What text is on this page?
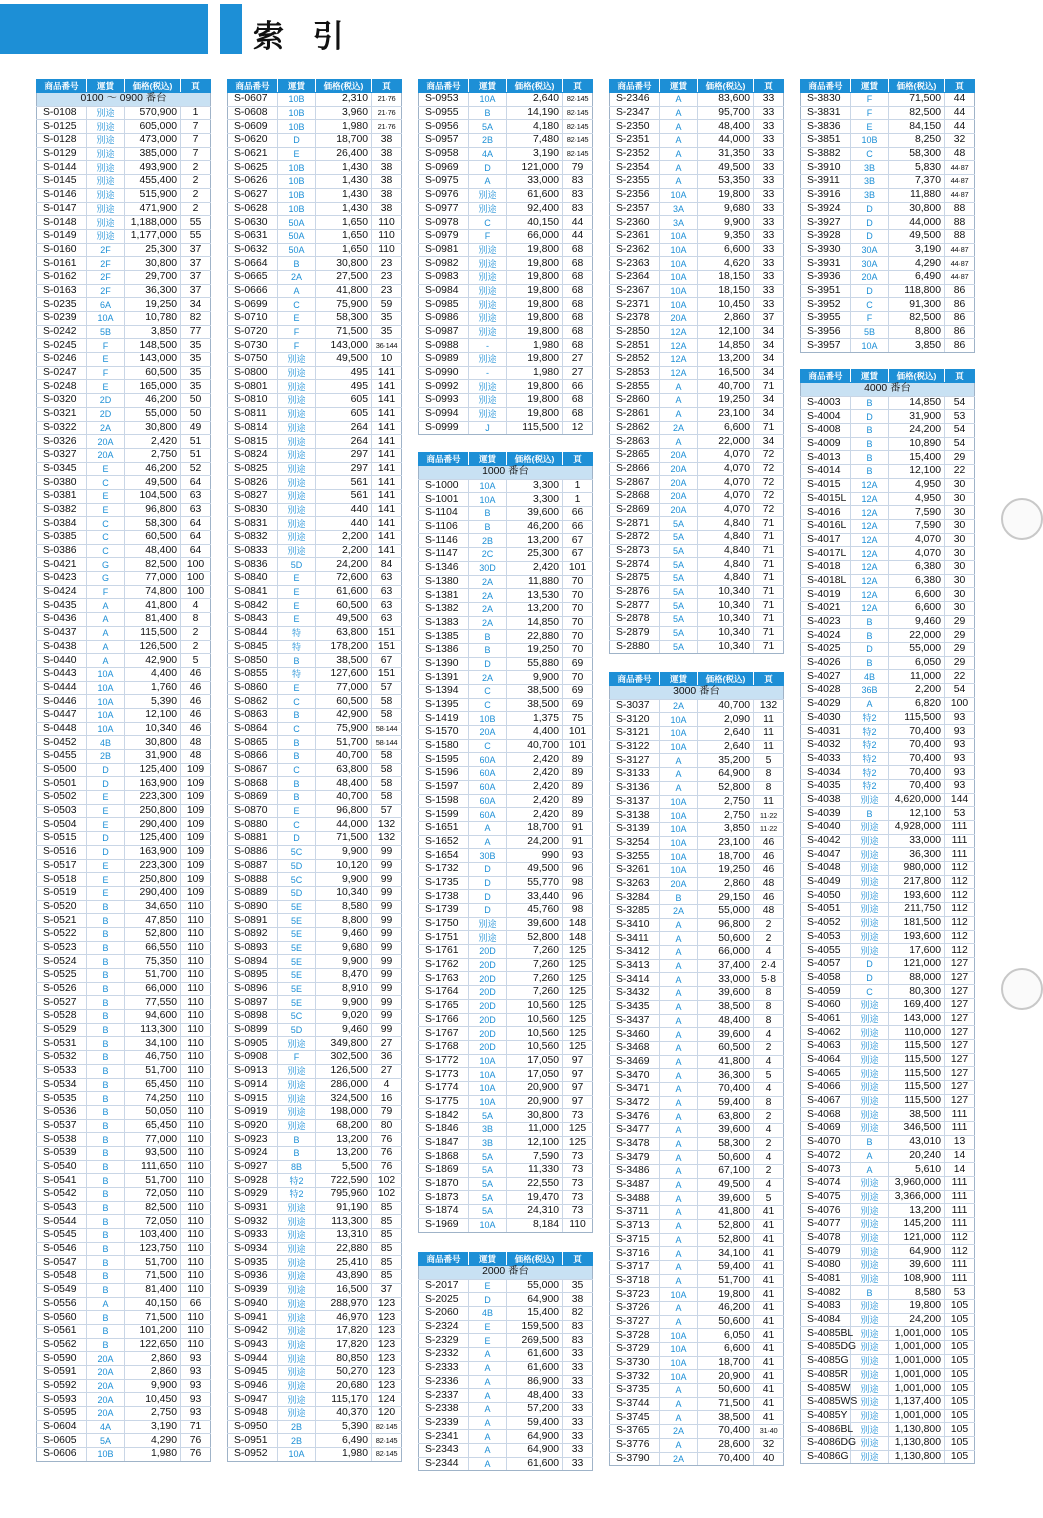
索 引
商品番号	運賃	価格(税込)	頁
0100 ～ 0900 番台			
S-0108	別途	570,900	1
S-0125	別途	605,000	7
S-0128	別途	473,000	7
S-0129	別途	385,000	7
S-0144	別途	493,900	2
S-0145	別途	455,400	2
S-0146	別途	515,900	2
S-0147	別途	471,900	2
S-0148	別途	1,188,000	55
S-0149	別途	1,177,000	55
S-0160	2F	25,300	37
S-0161	2F	30,800	37
S-0162	2F	29,700	37
S-0163	2F	36,300	37
S-0235	6A	19,250	34
S-0239	10A	10,780	82
S-0242	5B	3,850	77
S-0245	F	148,500	35
S-0246	E	143,000	35
S-0247	F	60,500	35
S-0248	E	165,000	35
S-0320	2D	46,200	50
S-0321	2D	55,000	50
S-0322	2A	30,800	49
S-0326	20A	2,420	51
S-0327	20A	2,750	51
S-0345	E	46,200	52
S-0380	C	49,500	64
S-0381	E	104,500	63
S-0382	E	96,800	63
S-0384	C	58,300	64
S-0385	C	60,500	64
S-0386	C	48,400	64
S-0421	G	82,500	100
S-0423	G	77,000	100
S-0424	F	74,800	100
S-0435	A	41,800	4
S-0436	A	81,400	8
S-0437	A	115,500	2
S-0438	A	126,500	2
S-0440	A	42,900	5
S-0443	10A	4,400	46
S-0444	10A	1,760	46
S-0446	10A	5,390	46
S-0447	10A	12,100	46
S-0448	10A	10,340	46
S-0452	4B	30,800	48
S-0455	2B	31,900	48
S-0500	D	125,400	109
S-0501	D	163,900	109
S-0502	E	223,300	109
S-0503	E	250,800	109
S-0504	E	290,400	109
S-0515	D	125,400	109
S-0516	D	163,900	109
S-0517	E	223,300	109
S-0518	E	250,800	109
S-0519	E	290,400	109
S-0520	B	34,650	110
S-0521	B	47,850	110
S-0522	B	52,800	110
S-0523	B	66,550	110
S-0524	B	75,350	110
S-0525	B	51,700	110
S-0526	B	66,000	110
S-0527	B	77,550	110
S-0528	B	94,600	110
S-0529	B	113,300	110
S-0531	B	34,100	110
S-0532	B	46,750	110
S-0533	B	51,700	110
S-0534	B	65,450	110
S-0535	B	74,250	110
S-0536	B	50,050	110
S-0537	B	65,450	110
S-0538	B	77,000	110
S-0539	B	93,500	110
S-0540	B	111,650	110
S-0541	B	51,700	110
S-0542	B	72,050	110
S-0543	B	82,500	110
S-0544	B	72,050	110
S-0545	B	103,400	110
S-0546	B	123,750	110
S-0547	B	51,700	110
S-0548	B	71,500	110
S-0549	B	81,400	110
S-0556	A	40,150	66
S-0560	B	71,500	110
S-0561	B	101,200	110
S-0562	B	122,650	110
S-0590	20A	2,860	93
S-0591	20A	2,860	93
S-0592	20A	9,900	93
S-0593	20A	10,450	93
S-0595	20A	2,750	93
S-0604	4A	3,190	71
S-0605	5A	4,290	76
S-0606	10B	1,980	76
商品番号	運賃	価格(税込)	頁
S-0607	10B	2,310	21·76
S-0608	10B	3,960	21·76
S-0609	10B	1,980	21·76
S-0620	D	18,700	38
S-0621	E	26,400	38
S-0625	10B	1,430	38
S-0626	10B	1,430	38
S-0627	10B	1,430	38
S-0628	10B	1,430	38
S-0630	50A	1,650	110
S-0631	50A	1,650	110
S-0632	50A	1,650	110
S-0664	B	30,800	23
S-0665	2A	27,500	23
S-0666	A	41,800	23
S-0699	C	75,900	59
S-0710	E	58,300	35
S-0720	F	71,500	35
S-0730	F	143,000	36·144
S-0750	別途	49,500	10
S-0800	別途	495	141
S-0801	別途	495	141
S-0810	別途	605	141
S-0811	別途	605	141
S-0814	別途	264	141
S-0815	別途	264	141
S-0824	別途	297	141
S-0825	別途	297	141
S-0826	別途	561	141
S-0827	別途	561	141
S-0830	別途	440	141
S-0831	別途	440	141
S-0832	別途	2,200	141
S-0833	別途	2,200	141
S-0836	5D	24,200	84
S-0840	E	72,600	63
S-0841	E	61,600	63
S-0842	E	60,500	63
S-0843	E	49,500	63
S-0844	特	63,800	151
S-0845	特	178,200	151
S-0850	B	38,500	67
S-0855	特	127,600	151
S-0860	E	77,000	57
S-0862	C	60,500	58
S-0863	B	42,900	58
S-0864	C	75,900	58·144
S-0865	B	51,700	58·144
S-0866	B	40,700	58
S-0867	C	63,800	58
S-0868	B	48,400	58
S-0869	B	40,700	58
S-0870	E	96,800	57
S-0880	C	44,000	132
S-0881	D	71,500	132
S-0886	5C	9,900	99
S-0887	5D	10,120	99
S-0888	5C	9,900	99
S-0889	5D	10,340	99
S-0890	5E	8,580	99
S-0891	5E	8,800	99
S-0892	5E	9,460	99
S-0893	5E	9,680	99
S-0894	5E	9,900	99
S-0895	5E	8,470	99
S-0896	5E	8,910	99
S-0897	5E	9,900	99
S-0898	5C	9,020	99
S-0899	5D	9,460	99
S-0905	別途	349,800	27
S-0908	F	302,500	36
S-0913	別途	126,500	27
S-0914	別途	286,000	4
S-0915	別途	324,500	16
S-0919	別途	198,000	79
S-0920	別途	68,200	80
S-0923	B	13,200	76
S-0924	B	13,200	76
S-0927	8B	5,500	76
S-0928	特2	722,590	102
S-0929	特2	795,960	102
S-0931	別途	91,190	85
S-0932	別途	113,300	85
S-0933	別途	13,310	85
S-0934	別途	22,880	85
S-0935	別途	25,410	85
S-0936	別途	43,890	85
S-0939	別途	16,500	37
S-0940	別途	288,970	123
S-0941	別途	46,970	123
S-0942	別途	17,820	123
S-0943	別途	17,820	123
S-0944	別途	80,850	123
S-0945	別途	50,270	123
S-0946	別途	20,680	123
S-0947	別途	115,170	124
S-0948	別途	40,370	120
S-0950	2B	5,390	82·145
S-0951	2B	6,490	82·145
S-0952	10A	1,980	82·145
商品番号	運賃	価格(税込)	頁
S-0953	10A	2,640	82·145
S-0955	B	14,190	82·145
S-0956	5A	4,180	82·145
S-0957	2B	7,480	82·145
S-0958	4A	3,190	82·145
S-0969	D	121,000	79
S-0975	A	33,000	83
S-0976	別途	61,600	83
S-0977	別途	92,400	83
S-0978	C	40,150	44
S-0979	F	66,000	44
S-0981	別途	19,800	68
S-0982	別途	19,800	68
S-0983	別途	19,800	68
S-0984	別途	19,800	68
S-0985	別途	19,800	68
S-0986	別途	19,800	68
S-0987	別途	19,800	68
S-0988	-	1,980	68
S-0989	別途	19,800	27
S-0990	-	1,980	27
S-0992	別途	19,800	66
S-0993	別途	19,800	68
S-0994	別途	19,800	68
S-0999	J	115,500	12
商品番号	運賃	価格(税込)	頁
1000 番台			
S-1000	10A	3,300	1
S-1001	10A	3,300	1
S-1104	B	39,600	66
S-1106	B	46,200	66
S-1146	2B	13,200	67
S-1147	2C	25,300	67
S-1346	30D	2,420	101
S-1380	2A	11,880	70
S-1381	2A	13,530	70
S-1382	2A	13,200	70
S-1383	2A	14,850	70
S-1385	B	22,880	70
S-1386	B	19,250	70
S-1390	D	55,880	69
S-1391	2A	9,900	70
S-1394	C	38,500	69
S-1395	C	38,500	69
S-1419	10B	1,375	75
S-1570	20A	4,400	101
S-1580	C	40,700	101
S-1595	60A	2,420	89
S-1596	60A	2,420	89
S-1597	60A	2,420	89
S-1598	60A	2,420	89
S-1599	60A	2,420	89
S-1651	A	18,700	91
S-1652	A	24,200	91
S-1654	30B	990	93
S-1732	D	49,500	96
S-1735	D	55,770	98
S-1738	D	33,440	96
S-1739	D	45,760	98
S-1750	別途	39,600	148
S-1751	別途	52,800	148
S-1761	20D	7,260	125
S-1762	20D	7,260	125
S-1763	20D	7,260	125
S-1764	20D	7,260	125
S-1765	20D	10,560	125
S-1766	20D	10,560	125
S-1767	20D	10,560	125
S-1768	20D	10,560	125
S-1772	10A	17,050	97
S-1773	10A	17,050	97
S-1774	10A	20,900	97
S-1775	10A	20,900	97
S-1842	5A	30,800	73
S-1846	3B	11,000	125
S-1847	3B	12,100	125
S-1868	5A	7,590	73
S-1869	5A	11,330	73
S-1870	5A	22,550	73
S-1873	5A	19,470	73
S-1874	5A	24,310	73
S-1969	10A	8,184	110
商品番号	運賃	価格(税込)	頁
2000 番台			
S-2017	E	55,000	35
S-2025	D	64,900	38
S-2060	4B	15,400	82
S-2324	E	159,500	83
S-2329	E	269,500	83
S-2332	A	61,600	33
S-2333	A	61,600	33
S-2336	A	86,900	33
S-2337	A	48,400	33
S-2338	A	57,200	33
S-2339	A	59,400	33
S-2341	A	64,900	33
S-2343	A	64,900	33
S-2344	A	61,600	33
商品番号	運賃	価格(税込)	頁
S-2346	A	83,600	33
S-2347	A	95,700	33
S-2350	A	48,400	33
S-2351	A	44,000	33
S-2352	A	31,350	33
S-2354	A	49,500	33
S-2355	A	53,350	33
S-2356	10A	19,800	33
S-2357	3A	9,680	33
S-2360	3A	9,900	33
S-2361	10A	9,350	33
S-2362	10A	6,600	33
S-2363	10A	4,620	33
S-2364	10A	18,150	33
S-2367	10A	18,150	33
S-2371	10A	10,450	33
S-2378	20A	2,860	37
S-2850	12A	12,100	34
S-2851	12A	14,850	34
S-2852	12A	13,200	34
S-2853	12A	16,500	34
S-2855	A	40,700	71
S-2860	A	19,250	34
S-2861	A	23,100	34
S-2862	2A	6,600	71
S-2863	A	22,000	34
S-2865	20A	4,070	72
S-2866	20A	4,070	72
S-2867	20A	4,070	72
S-2868	20A	4,070	72
S-2869	20A	4,070	72
S-2871	5A	4,840	71
S-2872	5A	4,840	71
S-2873	5A	4,840	71
S-2874	5A	4,840	71
S-2875	5A	4,840	71
S-2876	5A	10,340	71
S-2877	5A	10,340	71
S-2878	5A	10,340	71
S-2879	5A	10,340	71
S-2880	5A	10,340	71
商品番号	運賃	価格(税込)	頁
3000 番台			
S-3037	2A	40,700	132
S-3120	10A	2,090	11
S-3121	10A	2,640	11
S-3122	10A	2,640	11
S-3127	A	35,200	5
S-3133	A	64,900	8
S-3136	A	52,800	8
S-3137	10A	2,750	11
S-3138	10A	2,750	11·22
S-3139	10A	3,850	11·22
S-3254	10A	23,100	46
S-3255	10A	18,700	46
S-3261	10A	19,250	46
S-3263	20A	2,860	48
S-3284	B	29,150	46
S-3285	2A	55,000	48
S-3410	A	96,800	2
S-3411	A	50,600	2
S-3412	A	66,000	4
S-3413	A	37,400	2·4
S-3414	A	33,000	5·8
S-3432	A	39,600	8
S-3435	A	38,500	8
S-3437	A	48,400	8
S-3460	A	39,600	4
S-3468	A	60,500	2
S-3469	A	41,800	4
S-3470	A	36,300	5
S-3471	A	70,400	4
S-3472	A	59,400	8
S-3476	A	63,800	2
S-3477	A	39,600	4
S-3478	A	58,300	2
S-3479	A	50,600	4
S-3486	A	67,100	2
S-3487	A	49,500	4
S-3488	A	39,600	5
S-3711	A	41,800	41
S-3713	A	52,800	41
S-3715	A	52,800	41
S-3716	A	34,100	41
S-3717	A	59,400	41
S-3718	A	51,700	41
S-3723	10A	19,800	41
S-3726	A	46,200	41
S-3727	A	50,600	41
S-3728	10A	6,050	41
S-3729	10A	6,600	41
S-3730	10A	18,700	41
S-3732	10A	20,900	41
S-3735	A	50,600	41
S-3744	A	71,500	41
S-3745	A	38,500	41
S-3765	2A	70,400	31·40
S-3776	A	28,600	32
S-3790	2A	70,400	40
商品番号	運賃	価格(税込)	頁
S-3830	F	71,500	44
S-3831	F	82,500	44
S-3836	E	84,150	44
S-3851	10B	8,250	32
S-3882	C	58,300	48
S-3910	3B	5,830	44·87
S-3911	3B	7,370	44·87
S-3916	3B	11,880	44·87
S-3924	D	30,800	88
S-3927	D	44,000	88
S-3928	D	49,500	88
S-3930	30A	3,190	44·87
S-3931	30A	4,290	44·87
S-3936	20A	6,490	44·87
S-3951	D	118,800	86
S-3952	C	91,300	86
S-3955	F	82,500	86
S-3956	5B	8,800	86
S-3957	10A	3,850	86
商品番号	運賃	価格(税込)	頁
4000 番台			
S-4003	B	14,850	54
S-4004	D	31,900	53
S-4008	B	24,200	54
S-4009	B	10,890	54
S-4013	B	15,400	29
S-4014	B	12,100	22
S-4015	12A	4,950	30
S-4015L	12A	4,950	30
S-4016	12A	7,590	30
S-4016L	12A	7,590	30
S-4017	12A	4,070	30
S-4017L	12A	4,070	30
S-4018	12A	6,380	30
S-4018L	12A	6,380	30
S-4019	12A	6,600	30
S-4021	12A	6,600	30
S-4023	B	9,460	29
S-4024	B	22,000	29
S-4025	D	55,000	29
S-4026	B	6,050	29
S-4027	4B	11,000	22
S-4028	36B	2,200	54
S-4029	A	6,820	100
S-4030	特2	115,500	93
S-4031	特2	70,400	93
S-4032	特2	70,400	93
S-4033	特2	70,400	93
S-4034	特2	70,400	93
S-4035	特2	70,400	93
S-4038	別途	4,620,000	144
S-4039	B	12,100	53
S-4040	別途	4,928,000	111
S-4042	別途	33,000	111
S-4047	別途	36,300	111
S-4048	別途	980,000	112
S-4049	別途	217,800	112
S-4050	別途	193,600	112
S-4051	別途	211,750	112
S-4052	別途	181,500	112
S-4053	別途	193,600	112
S-4055	別途	17,600	112
S-4057	D	121,000	127
S-4058	D	88,000	127
S-4059	C	80,300	127
S-4060	別途	169,400	127
S-4061	別途	143,000	127
S-4062	別途	110,000	127
S-4063	別途	115,500	127
S-4064	別途	115,500	127
S-4065	別途	115,500	127
S-4066	別途	115,500	127
S-4067	別途	115,500	127
S-4068	別途	38,500	111
S-4069	別途	346,500	111
S-4070	B	43,010	13
S-4072	A	20,240	14
S-4073	A	5,610	14
S-4074	別途	3,960,000	111
S-4075	別途	3,366,000	111
S-4076	別途	13,200	111
S-4077	別途	145,200	111
S-4078	別途	121,000	112
S-4079	別途	64,900	112
S-4080	別途	39,600	111
S-4081	別途	108,900	111
S-4082	B	8,580	53
S-4083	別途	19,800	105
S-4084	別途	24,200	105
S-4085BL	別途	1,001,000	105
S-4085DG	別途	1,001,000	105
S-4085G	別途	1,001,000	105
S-4085R	別途	1,001,000	105
S-4085W	別途	1,001,000	105
S-4085WS	別途	1,137,400	105
S-4085Y	別途	1,001,000	105
S-4086BL	別途	1,130,800	105
S-4086DG	別途	1,130,800	105
S-4086G	別途	1,130,800	105
